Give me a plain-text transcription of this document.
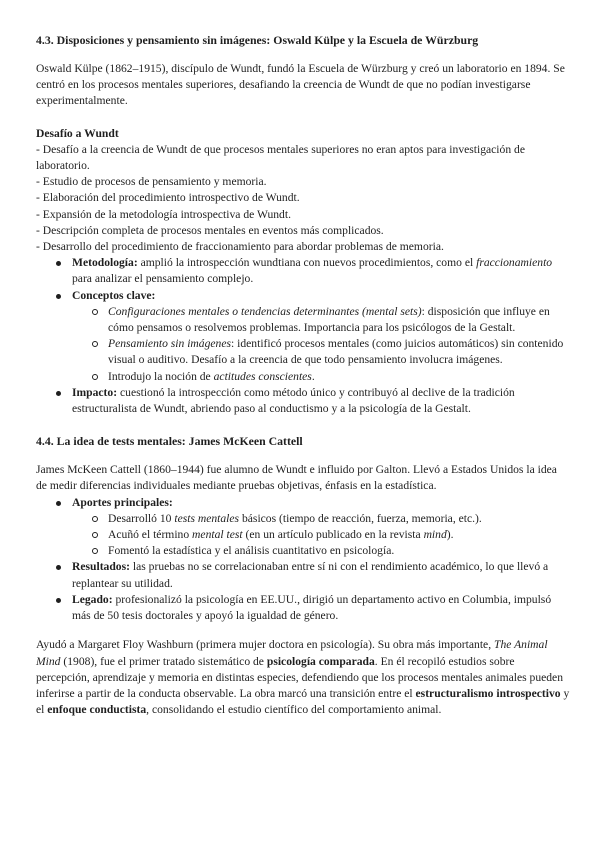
4.3. Disposiciones y pensamiento sin imágenes: Oswald Külpe y la Escuela de Würzburg

Oswald Külpe (1862–1915), discípulo de Wundt, fundó la Escuela de Würzburg y creó un laboratorio en 1894. Se centró en los procesos mentales superiores, desafiando la creencia de Wundt de que no podían investigarse experimentalmente.

Desafío a Wundt
- Desafío a la creencia de Wundt de que procesos mentales superiores no eran aptos para investigación de laboratorio.
- Estudio de procesos de pensamiento y memoria.
- Elaboración del procedimiento introspectivo de Wundt.
- Expansión de la metodología introspectiva de Wundt.
- Descripción completa de procesos mentales en eventos más complicados.
- Desarrollo del procedimiento de fraccionamiento para abordar problemas de memoria.
Metodología: amplió la introspección wundtiana con nuevos procedimientos, como el fraccionamiento para analizar el pensamiento complejo.
Conceptos clave:
Configuraciones mentales o tendencias determinantes (mental sets): disposición que influye en cómo pensamos o resolvemos problemas. Importancia para los psicólogos de la Gestalt.
Pensamiento sin imágenes: identificó procesos mentales (como juicios automáticos) sin contenido visual o auditivo. Desafío a la creencia de que todo pensamiento involucra imágenes.
Introdujo la noción de actitudes conscientes.
Impacto: cuestionó la introspección como método único y contribuyó al declive de la tradición estructuralista de Wundt, abriendo paso al conductismo y a la psicología de la Gestalt.
4.4. La idea de tests mentales: James McKeen Cattell

James McKeen Cattell (1860–1944) fue alumno de Wundt e influido por Galton. Llevó a Estados Unidos la idea de medir diferencias individuales mediante pruebas objetivas, énfasis en la estadística.

Aportes principales:
Desarrolló 10 tests mentales básicos (tiempo de reacción, fuerza, memoria, etc.).
Acuñó el término mental test (en un artículo publicado en la revista mind).
Fomentó la estadística y el análisis cuantitativo en psicología.
Resultados: las pruebas no se correlacionaban entre sí ni con el rendimiento académico, lo que llevó a replantear su utilidad.
Legado: profesionalizó la psicología en EE.UU., dirigió un departamento activo en Columbia, impulsó más de 50 tesis doctorales y apoyó la igualdad de género.

Ayudó a Margaret Floy Washburn (primera mujer doctora en psicología). Su obra más importante, The Animal Mind (1908), fue el primer tratado sistemático de psicología comparada. En él recopiló estudios sobre percepción, aprendizaje y memoria en distintas especies, defendiendo que los procesos mentales animales pueden inferirse a partir de la conducta observable. La obra marcó una transición entre el estructuralismo introspectivo y el enfoque conductista, consolidando el estudio científico del comportamiento animal.
